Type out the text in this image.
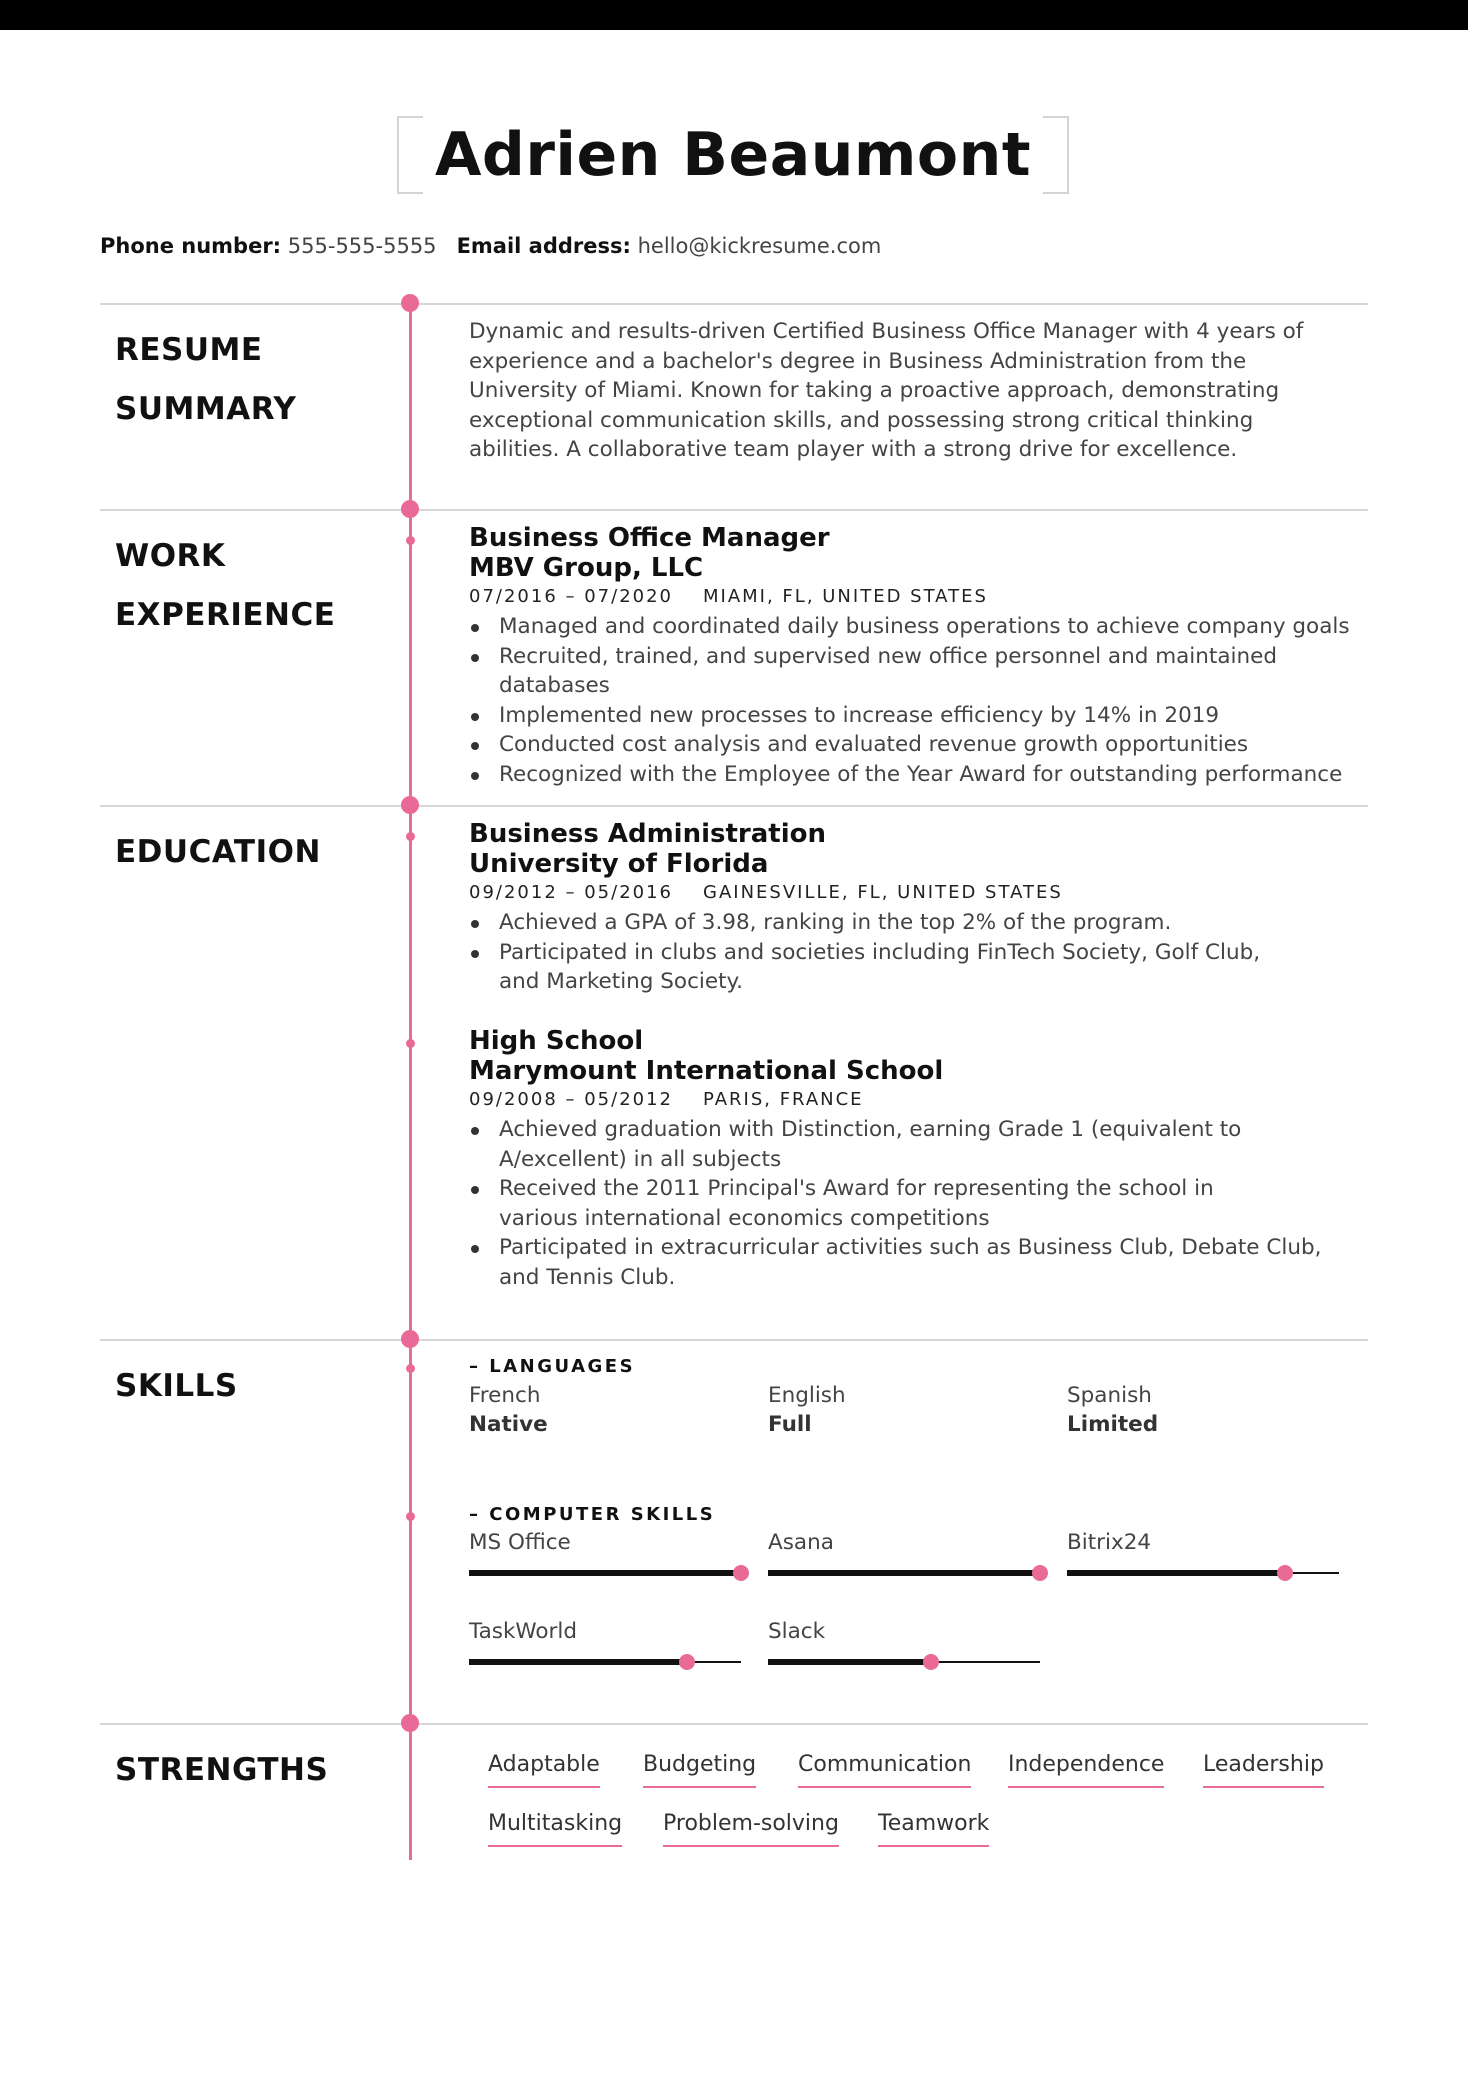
Adrien Beaumont
Phone number: 555-555-5555 Email address: hello@kickresume.com
RESUME
SUMMARY
Dynamic and results-driven Certified Business Office Manager with 4 years of experience and a bachelor's degree in Business Administration from the University of Miami. Known for taking a proactive approach, demonstrating exceptional communication skills, and possessing strong critical thinking abilities. A collaborative team player with a strong drive for excellence.
WORK
EXPERIENCE
Business Office Manager
MBV Group, LLC
07/2016 – 07/2020 MIAMI, FL, UNITED STATES
Managed and coordinated daily business operations to achieve company goals
Recruited, trained, and supervised new office personnel and maintained databases
Implemented new processes to increase efficiency by 14% in 2019
Conducted cost analysis and evaluated revenue growth opportunities
Recognized with the Employee of the Year Award for outstanding performance
EDUCATION	Business Administration
University of Florida
09/2012 – 05/2016 GAINESVILLE, FL, UNITED STATES
Achieved a GPA of 3.98, ranking in the top 2% of the program.
Participated in clubs and societies including FinTech Society, Golf Club, and Marketing Society.
High School
Marymount International School
09/2008 – 05/2012 PARIS, FRANCE
Achieved graduation with Distinction, earning Grade 1 (equivalent to A/excellent) in all subjects
Received the 2011 Principal's Award for representing the school in various international economics competitions
Participated in extracurricular activities such as Business Club, Debate Club, and Tennis Club.
SKILLS
– LANGUAGES
French
Native
English
Full
Spanish
Limited
– COMPUTER SKILLS
MS Office	Asana	Bitrix24
TaskWorld	Slack
STRENGTHS	Adaptable Budgeting Communication Independence Leadership
Multitasking Problem-solving Teamwork
